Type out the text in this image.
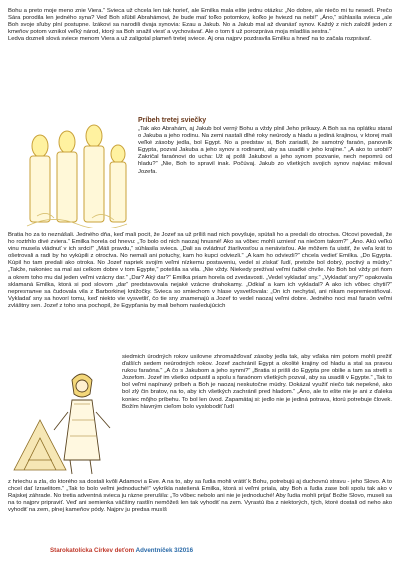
Bohu a preto moje meno znie Viera.“ Svieca už chcela len tak horieť, ale Emilka mala ešte jednu otázku: „No dobre, ale niečo mi tu nesedí. Prečo Sára porodila len jedného syna? Veď Boh sľúbil Abrahámovi, že bude mať toľko potomkov, koľko je hviezd na nebi!“ „Áno,“ súhlasila svieca „ale Boh svoje sľuby plní postupne. Izákovi sa narodili dvaja synovia: Ezau a Jakub. No a Jakub mal až dvanásť synov. Každý z nich založil jeden z kmeňov potom vznikol veľký národ, ktorý sa Boh snažil viesť a vychovávať. Ale o tom ti už porozpráva moja mladšia sestra.“

Ledva dozneli slová sviece menom Viera a už zaligotal plameň tretej sviece. Aj ona najprv pozdravila Emilku a hneď na to začala rozprávať.

Príbeh tretej sviečky

„Tak ako Abrahám, aj Jakub bol verný Bohu a vždy plnil Jeho príkazy. A Boh sa na oplátku staral o Jakuba a jeho rodinu. Na zemi nastali dlhé roky neúrody a hladu a jediná krajinou, v ktorej mali veľké zásoby jedla, bol Egypt. No a predstav si, Boh zariadil, že samotný faraón, panovník Egypta, pozval Jakuba a jeho synov s rodinami, aby sa usadili v jeho krajine.“ „A ako to urobil? Zakričal faraónovi do ucha: Už aj pošli Jakubovi a jeho synom pozvanie, nech nepomrú od hladu?“ „Nie, Boh to spravil inak. Počúvaj. Jakub zo všetkých svojich synov najviac miloval Jozefa.

Bratia ho za to neznášali. Jedného dňa, keď mali pocit, že Jozef sa už príliš nad nich povyšuje, spútali ho a predali do otroctva. Otcovi povedali, že ho roztrhlo divé zviera.“ Emilka horela od hnevu: „To bolo od nich naozaj hnusné! Ako sa vôbec mohli uzniesť na niečom takom?“ „Áno. Akú veľkú vinu musela vládnuť v ich srdci!“ „Máš pravdu,“ súhlasila svieca. „Dali sa ovládnuť žiarlivosťou a nenávisťou. Ale môžem ťa uistiť, že veľa krát to ošetrovali a radi by ho vykúpili z otroctva. No nemali ani potuchy, kam ho kupci odviezli.“ „A kam ho odviezli?“ chcela vedieť Emilka. „Do Egypta. Kúpil ho tam predali ako otroka. No Jozef napriek svojím veľmi nízkemu postaveniu, vedel si získať ľudí, pretože bol dobrý, poctivý a múdry.“ „Takže, nakoniec sa mal asi celkom dobre v tom Egypte,“ potešila sa vila. „Nie vždy. Niekedy prežíval veľmi ťažké chvíle. No Boh bol vždy pri ňom a okrem toho mu dal jeden veľmi vzácny dar.“ „Dar? Aký dar?“ Emilka priam horela od zvedavosti. „Vedel vykladať sny.“ „Vykladať sny?“ opakovala sklamaná Emilka, ktorá si pod slovom „dar“ predstavovala nejaké vzácne drahokamy. „Odkiaľ a kam ich vykladal? A ako ich vôbec chytil?“ nepresталне sa čudovala vila z Barborkinej knižočky. Svieca so smiechom v hlase vysvetľovala: „On ich nechytal, ani nikam nepremiestňoval. Vykladať sny sa hovorí tomu, keď niekto vie vysvetliť, čo tie sny znamenajú a Jozef to vedel naozaj veľmi dobre. Jedného noci mal faraón veľmi zvláštny sen. Jozef z toho sna pochopil, že Egypťania by mali behom nasledujúcich

siedmich úrodných rokov usilovne zhromažďovať zásoby jedla tak, aby vďaka nim potom mohli prežiť ďalších sedem neúrodných rokov. Jozef zachránil Egypt a okolité krajiny od hladu a stal sa pravou rukou faraóna.“ „A čo s Jakubom a jeho synmi?“ „Bratia si prišli do Egypta pre obilie a tam sa stretli s Jozefom. Jozef im všetko odpustil a spolu s faraónom všetkých pozval, aby sa usadili v Egypte.“ „Tak to bol veľmi napínavý príbeh a Boh je naozaj neskutočne múdry. Dokázal využiť niečo tak nepekné, ako bol zlý čin bratov, na to, aby ich všetkých zachránil pred hladom.“ „Áno, ale to ešte nie je ani z ďaleka koniec môjho príbehu. To bol len úvod. Zapamätaj si: jedlo nie je jediná potrava, ktorú potrebuje človek. Božím hlavným cieľom bolo vyslobodiť ľudí

z hriechu a zla, do ktorého sa dostali kvôli Adamovi a Eve. A na to, aby sa ľudia mohli vrátiť k Bohu, potrebujú aj duchovnú stravu - jeho Slovo. A to chcel dať Izraelitom.“ „Tak to bolo veľmi jednoduché!“ vykríkla natešená Emilka, ktorá si veľmi priala, aby Boh a ľudia zase boli spolu tak ako v Rajskej záhrade. No tretia adventná svieca ju rázne prerušila: „To vôbec nebolo ani nie je jednoduché! Aby ľudia mohli prijať Božie Slovo, museli sa na to najprv pripraviť. Veď ani semienka väčšiny rastlín nemôžeš len tak vyhodiť na zem. Vyrastú iba z niektorých, tých, ktoré dostali od neho ako vyhodiť na zem, plnej kameňov pódy. Najprv ju predsa musíš

Starokatolícka Církev deťom Adventníček 3/2016
